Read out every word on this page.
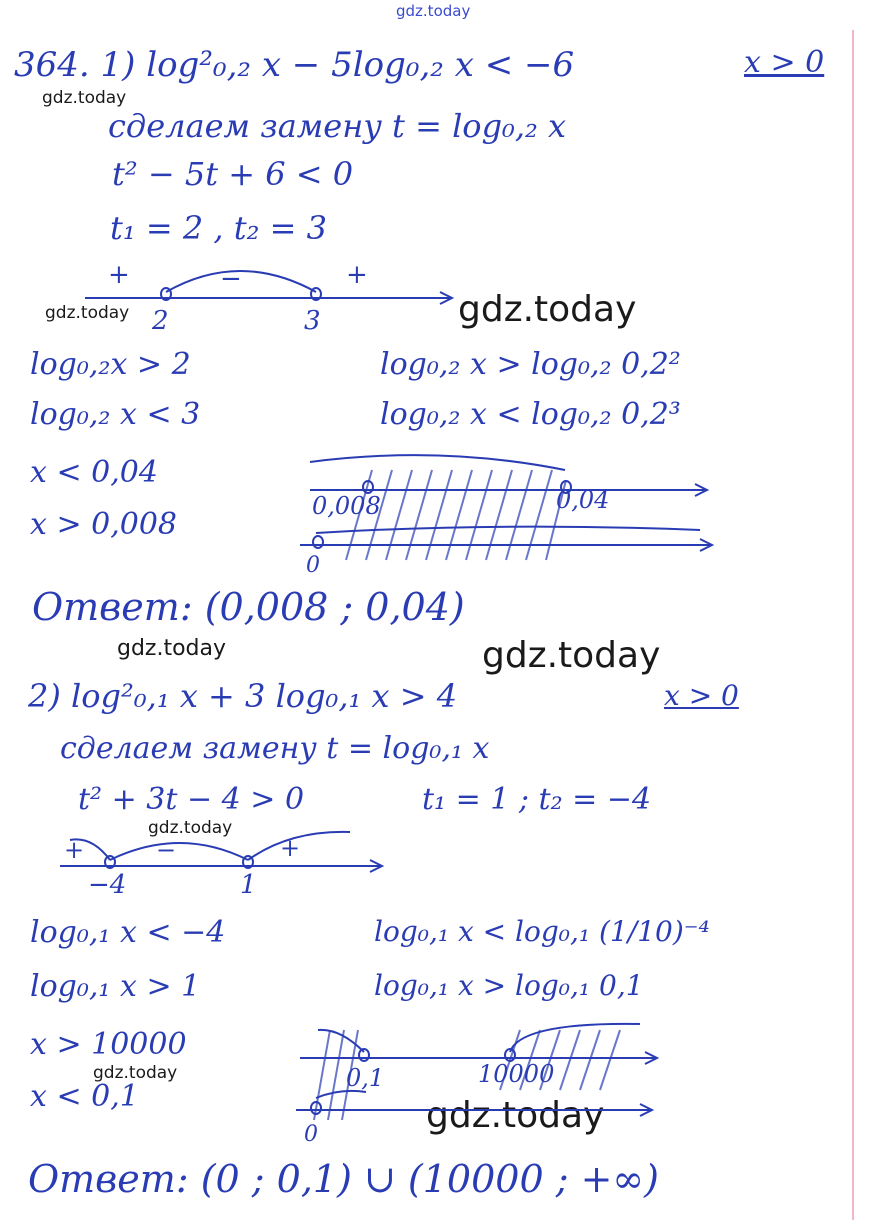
gdz.today
gdz.today
gdz.today	gdz.today
gdz.today	gdz.today
gdz.today
gdz.today
gdz.today
364. 1) log²₀,₂ x − 5log₀,₂ x < −6	x > 0
сделаем замену t = log₀,₂ x
t² − 5t + 6 < 0
t₁ = 2 , t₂ = 3
+	−	+
2	3
log₀,₂x > 2
log₀,₂ x < 3
log₀,₂ x > log₀,₂ 0,2²
log₀,₂ x < log₀,₂ 0,2³
x < 0,04
x > 0,008
0,008	0,04
0
Ответ: (0,008 ; 0,04)
2) log²₀,₁ x + 3 log₀,₁ x > 4	x > 0
сделаем замену t = log₀,₁ x
t² + 3t − 4 > 0	t₁ = 1 ; t₂ = −4
+	−	+
−4	1
log₀,₁ x < −4
log₀,₁ x > 1
log₀,₁ x < log₀,₁ (1/10)⁻⁴
log₀,₁ x > log₀,₁ 0,1
x > 10000
x < 0,1
0,1	10000
0
Ответ: (0 ; 0,1) ∪ (10000 ; +∞)
